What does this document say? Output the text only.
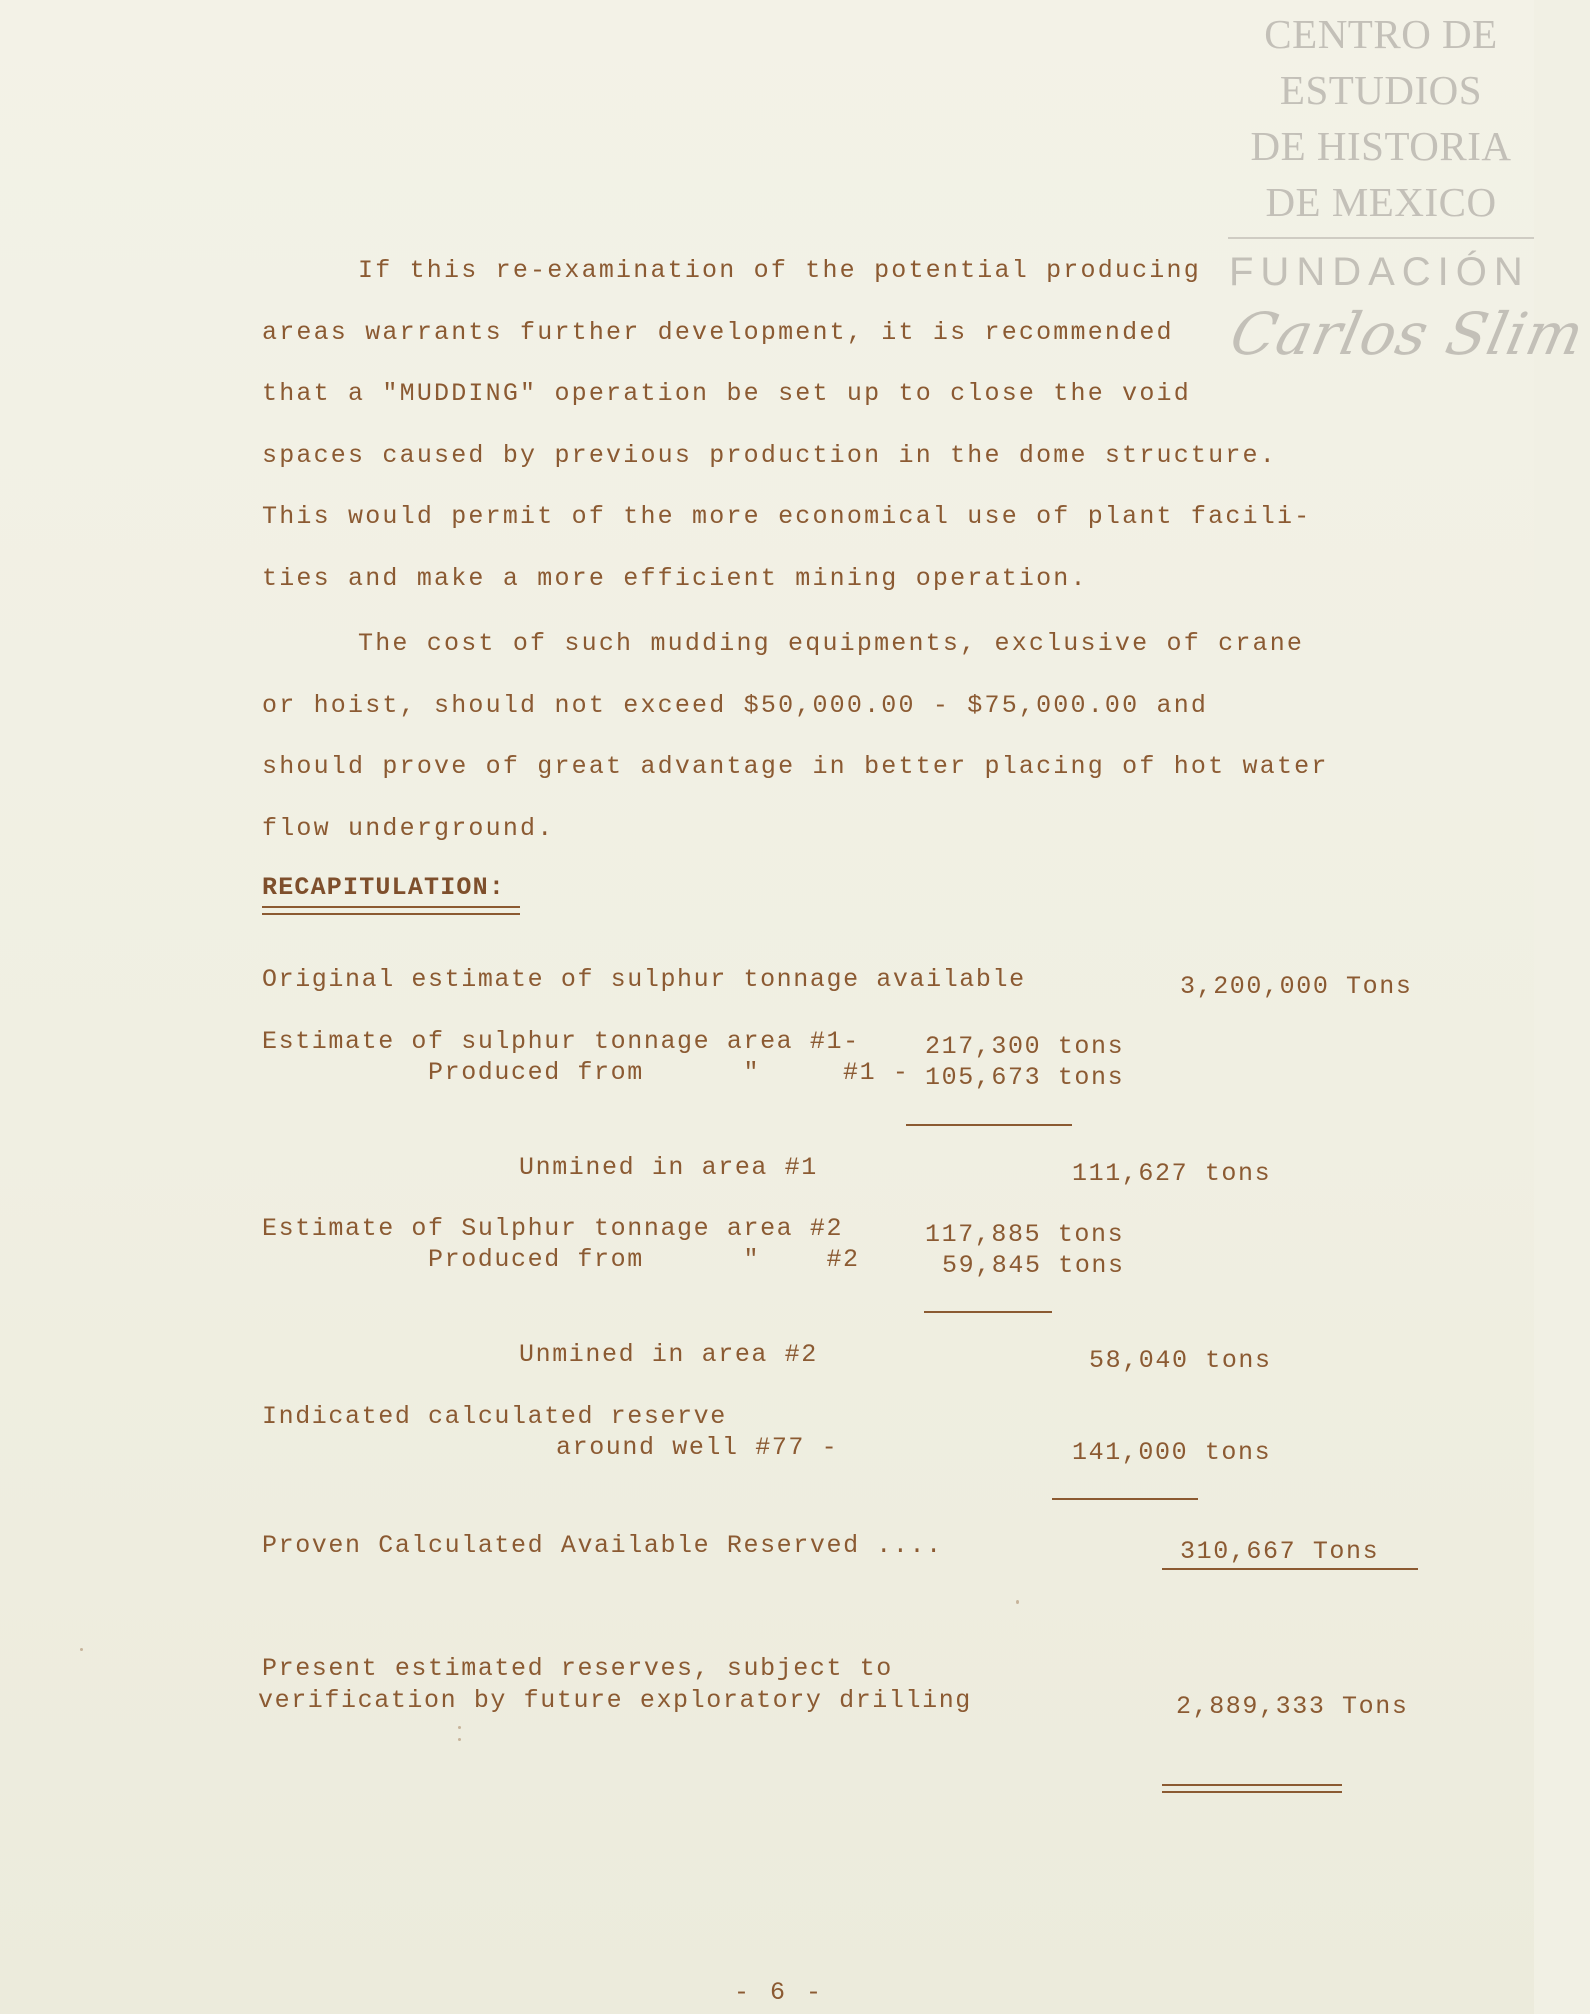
CENTRO DE
ESTUDIOS
DE HISTORIA
DE MEXICO
FUNDACIÓN
Carlos Slim
If this re-examination of the potential producing
areas warrants further development, it is recommended
that a "MUDDING" operation be set up to close the void
spaces caused by previous production in the dome structure.
This would permit of the more economical use of plant facili-
ties and make a more efficient mining operation.
The cost of such mudding equipments, exclusive of crane
or hoist, should not exceed $50,000.00 - $75,000.00 and
should prove of great advantage in better placing of hot water
flow underground.
RECAPITULATION:
Original estimate of sulphur tonnage available	3,200,000 Tons
Estimate of sulphur tonnage area #1-	217,300 tons
Produced from      "     #1 - 105,673 tons
Unmined in area #1	111,627 tons
Estimate of Sulphur tonnage area #2	117,885 tons
Produced from      "    #2	59,845 tons
Unmined in area #2	58,040 tons
Indicated calculated reserve
around well #77 -	141,000 tons
Proven Calculated Available Reserved ....	310,667 Tons
Present estimated reserves, subject to
verification by future exploratory drilling	2,889,333 Tons
- 6 -
